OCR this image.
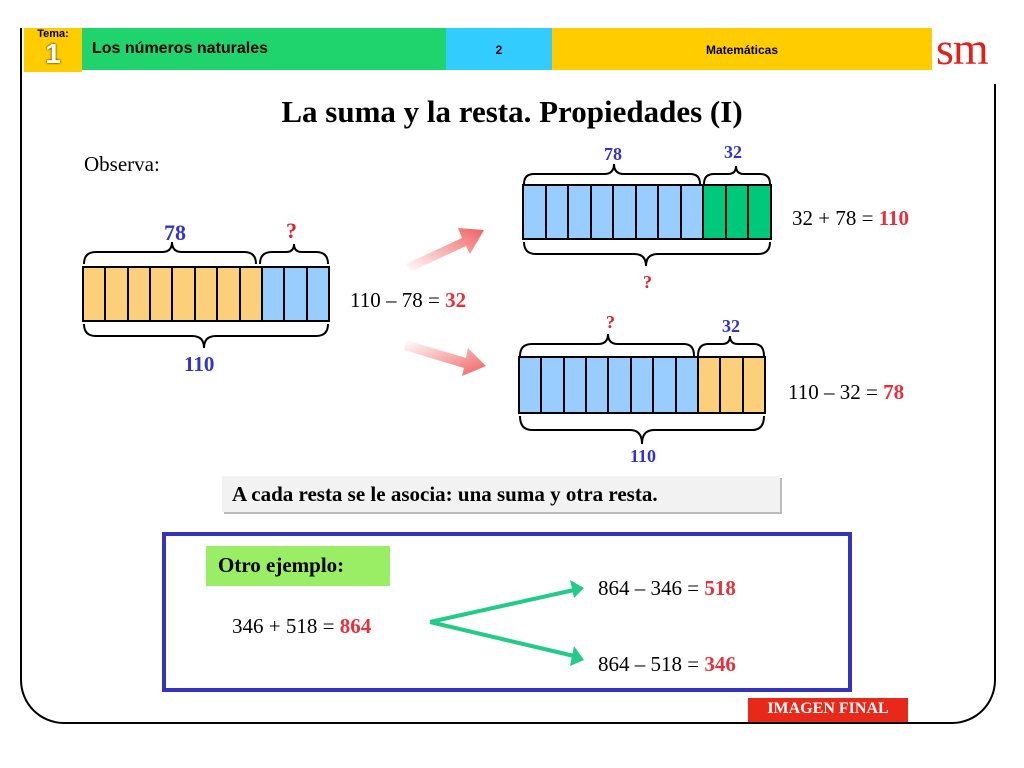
Tema:
1	Los números naturales	2	Matemáticas	sm
La suma y la resta. Propiedades (I)
Observa:
78	?
110
110 – 78 = 32
78	32
?
32 + 78 = 110
?	32
110
110 – 32 = 78
A cada resta se le asocia: una suma y otra resta.
Otro ejemplo:
346 + 518 = 864
864 – 346 = 518
864 – 518 = 346
IMAGEN FINAL
